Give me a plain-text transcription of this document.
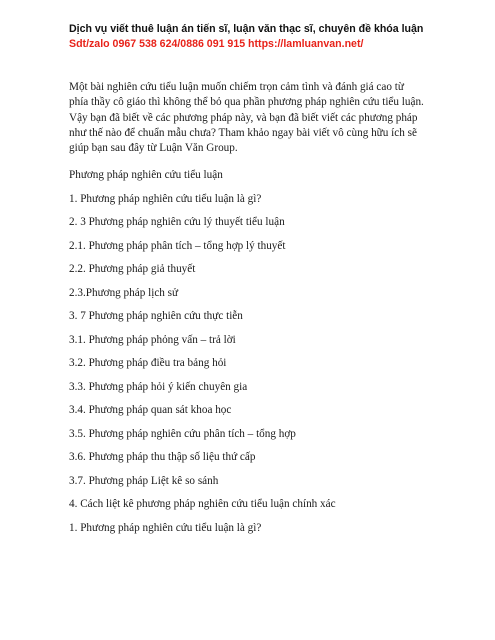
Dịch vụ viết thuê luận án tiến sĩ, luận văn thạc sĩ, chuyên đề khóa luận
Sdt/zalo 0967 538 624/0886 091 915 https://lamluanvan.net/
Một bài nghiên cứu tiểu luận muốn chiếm trọn cảm tình và đánh giá cao từ
phía thầy cô giáo thì không thể bỏ qua phần phương pháp nghiên cứu tiểu luận.
Vậy bạn đã biết về các phương pháp này, và bạn đã biết viết các phương pháp
như thế nào để chuẩn mẫu chưa? Tham khảo ngay bài viết vô cùng hữu ích sẽ
giúp bạn sau đây từ Luận Văn Group.
Phương pháp nghiên cứu tiểu luận
1. Phương pháp nghiên cứu tiểu luận là gì?
2. 3 Phương pháp nghiên cứu lý thuyết tiểu luận
2.1. Phương pháp phân tích – tổng hợp lý thuyết
2.2. Phương pháp giả thuyết
2.3.Phương pháp lịch sử
3. 7 Phương pháp nghiên cứu thực tiễn
3.1. Phương pháp phỏng vấn – trả lời
3.2. Phương pháp điều tra bảng hỏi
3.3. Phương pháp hỏi ý kiến chuyên gia
3.4. Phương pháp quan sát khoa học
3.5. Phương pháp nghiên cứu phân tích – tổng hợp
3.6. Phương pháp thu thập số liệu thứ cấp
3.7. Phương pháp Liệt kê so sánh
4. Cách liệt kê phương pháp nghiên cứu tiểu luận chính xác
1. Phương pháp nghiên cứu tiểu luận là gì?
